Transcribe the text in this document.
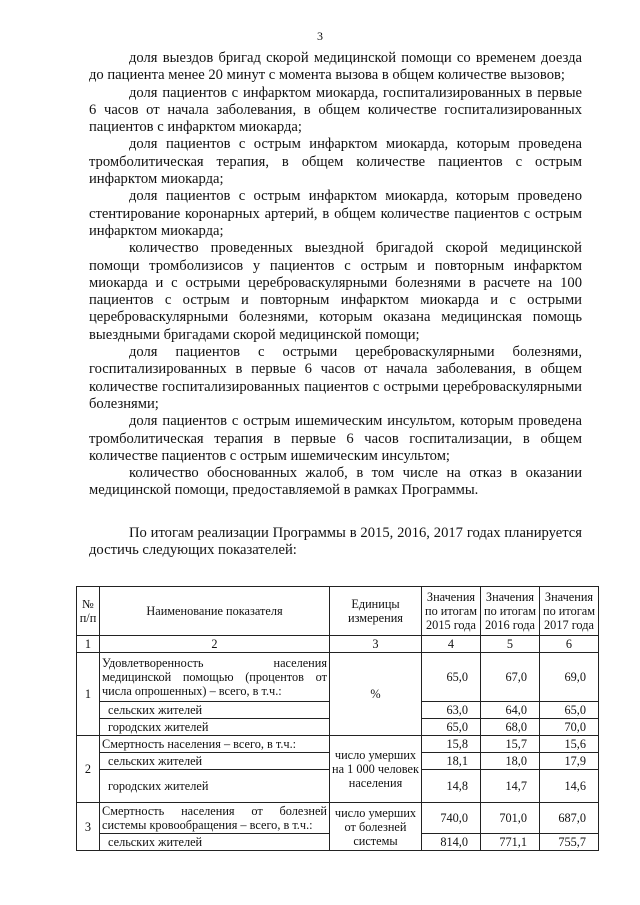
3

доля выездов бригад скорой медицинской помощи со временем доезда до пациента менее 20 минут с момента вызова в общем количестве вызовов;

доля пациентов с инфарктом миокарда, госпитализированных в первые 6 часов от начала заболевания, в общем количестве госпитализированных пациентов с инфарктом миокарда;

доля пациентов с острым инфарктом миокарда, которым проведена тромболитическая терапия, в общем количестве пациентов с острым инфарктом миокарда;

доля пациентов с острым инфарктом миокарда, которым проведено стентирование коронарных артерий, в общем количестве пациентов с острым инфарктом миокарда;

количество проведенных выездной бригадой скорой медицинской помощи тромболизисов у пациентов с острым и повторным инфарктом миокарда и с острыми цереброваскулярными болезнями в расчете на 100 пациентов с острым и повторным инфарктом миокарда и с острыми цереброваскулярными болезнями, которым оказана медицинская помощь выездными бригадами скорой медицинской помощи;

доля пациентов с острыми цереброваскулярными болезнями, госпитализированных в первые 6 часов от начала заболевания, в общем количестве госпитализированных пациентов с острыми цереброваскулярными болезнями;

доля пациентов с острым ишемическим инсультом, которым проведена тромболитическая терапия в первые 6 часов госпитализации, в общем количестве пациентов с острым ишемическим инсультом;

количество обоснованных жалоб, в том числе на отказ в оказании медицинской помощи, предоставляемой в рамках Программы.

По итогам реализации Программы в 2015, 2016, 2017 годах планируется достичь следующих показателей:

№ п/п	Наименование показателя	Единицы измерения	Значения по итогам 2015 года	Значения по итогам 2016 года	Значения по итогам 2017 года
1	2	3	4	5	6
1	Удовлетворенность населения медицинской помощью (процентов от числа опрошенных) – всего, в т.ч.:	%	65,0	67,0	69,0
	сельских жителей		63,0	64,0	65,0
	городских жителей		65,0	68,0	70,0
2	Смертность населения – всего, в т.ч.:	число умерших на 1 000 человек населения	15,8	15,7	15,6
	сельских жителей		18,1	18,0	17,9
	городских жителей		14,8	14,7	14,6
3	Смертность населения от болезней системы кровообращения – всего, в т.ч.:	число умерших от болезней системы	740,0	701,0	687,0
	сельских жителей		814,0	771,1	755,7
